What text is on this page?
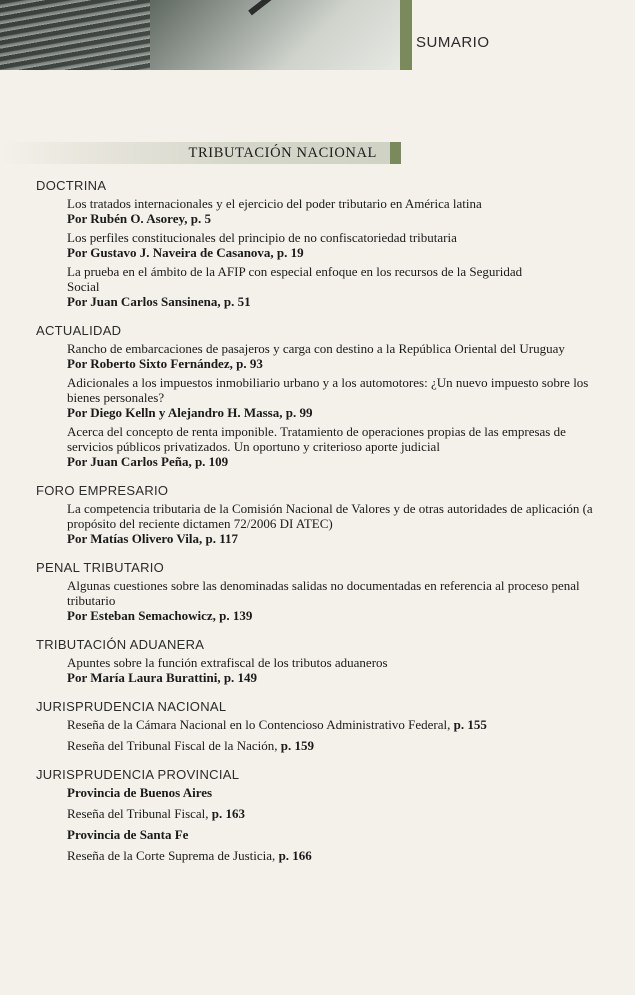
SUMARIO
TRIBUTACIÓN NACIONAL
DOCTRINA
Los tratados internacionales y el ejercicio del poder tributario en América latina
Por Rubén O. Asorey, p. 5
Los perfiles constitucionales del principio de no confiscatoriedad tributaria
Por Gustavo J. Naveira de Casanova, p. 19
La prueba en el ámbito de la AFIP con especial enfoque en los recursos de la Seguridad Social
Por Juan Carlos Sansinena, p. 51
ACTUALIDAD
Rancho de embarcaciones de pasajeros y carga con destino a la República Oriental del Uruguay
Por Roberto Sixto Fernández, p. 93
Adicionales a los impuestos inmobiliario urbano y a los automotores: ¿Un nuevo impuesto sobre los bienes personales?
Por Diego Kelln y Alejandro H. Massa, p. 99
Acerca del concepto de renta imponible. Tratamiento de operaciones propias de las empresas de servicios públicos privatizados. Un oportuno y criterioso aporte judicial
Por Juan Carlos Peña, p. 109
FORO EMPRESARIO
La competencia tributaria de la Comisión Nacional de Valores y de otras autoridades de aplicación (a propósito del reciente dictamen 72/2006 DI ATEC)
Por Matías Olivero Vila, p. 117
PENAL TRIBUTARIO
Algunas cuestiones sobre las denominadas salidas no documentadas en referencia al proceso penal tributario
Por Esteban Semachowicz, p. 139
TRIBUTACIÓN ADUANERA
Apuntes sobre la función extrafiscal de los tributos aduaneros
Por María Laura Burattini, p. 149
JURISPRUDENCIA NACIONAL
Reseña de la Cámara Nacional en lo Contencioso Administrativo Federal, p. 155
Reseña del Tribunal Fiscal de la Nación, p. 159
JURISPRUDENCIA PROVINCIAL
Provincia de Buenos Aires
Reseña del Tribunal Fiscal, p. 163
Provincia de Santa Fe
Reseña de la Corte Suprema de Justicia, p. 166
